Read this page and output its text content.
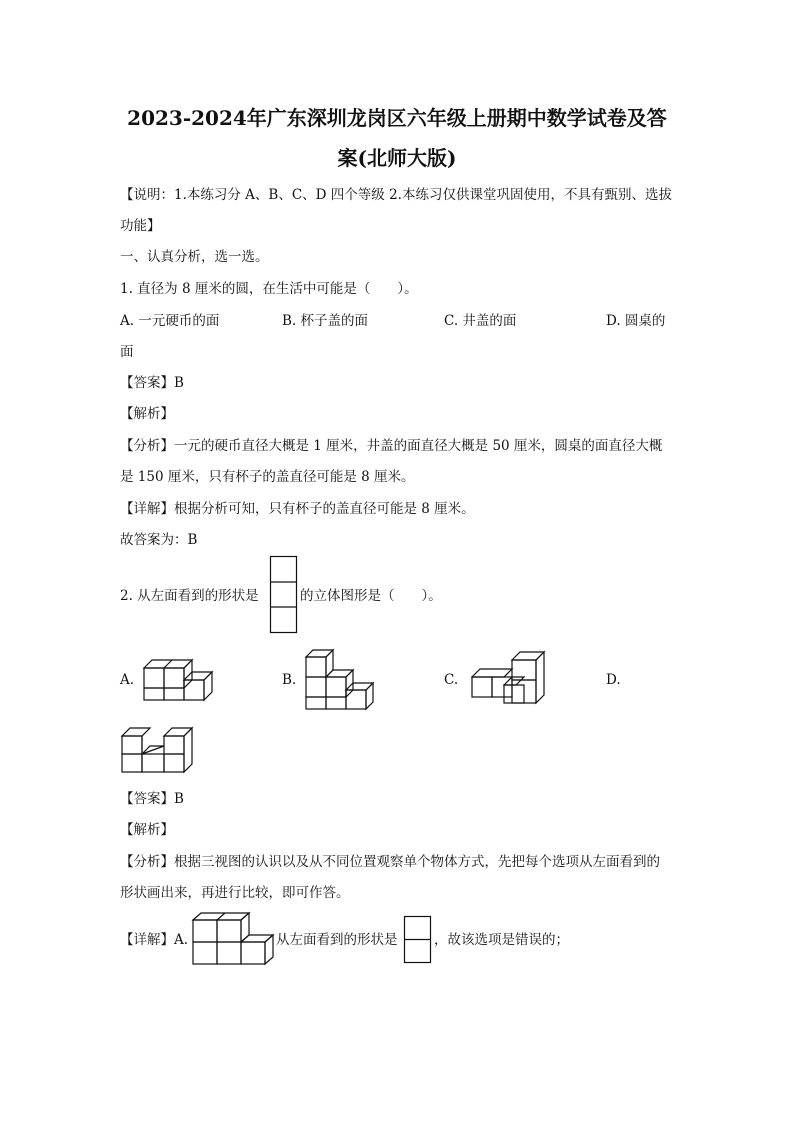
2023-2024年广东深圳龙岗区六年级上册期中数学试卷及答
案(北师大版)
【说明：1.本练习分 A、B、C、D 四个等级 2.本练习仅供课堂巩固使用，不具有甄别、选拔
功能】
一、认真分析，选一选。
1. 直径为 8 厘米的圆，在生活中可能是（　　）。
A. 一元硬币的面	B. 杯子盖的面	C. 井盖的面	D. 圆桌的
面
【答案】B
【解析】
【分析】一元的硬币直径大概是 1 厘米，井盖的面直径大概是 50 厘米，圆桌的面直径大概
是 150 厘米，只有杯子的盖直径可能是 8 厘米。
【详解】根据分析可知，只有杯子的盖直径可能是 8 厘米。
故答案为：B
2. 从左面看到的形状是	的立体图形是（　　）。
A.	B.	C.	D.
【答案】B
【解析】
【分析】根据三视图的认识以及从不同位置观察单个物体方式，先把每个选项从左面看到的
形状画出来，再进行比较，即可作答。
【详解】A.	从左面看到的形状是	，故该选项是错误的；
